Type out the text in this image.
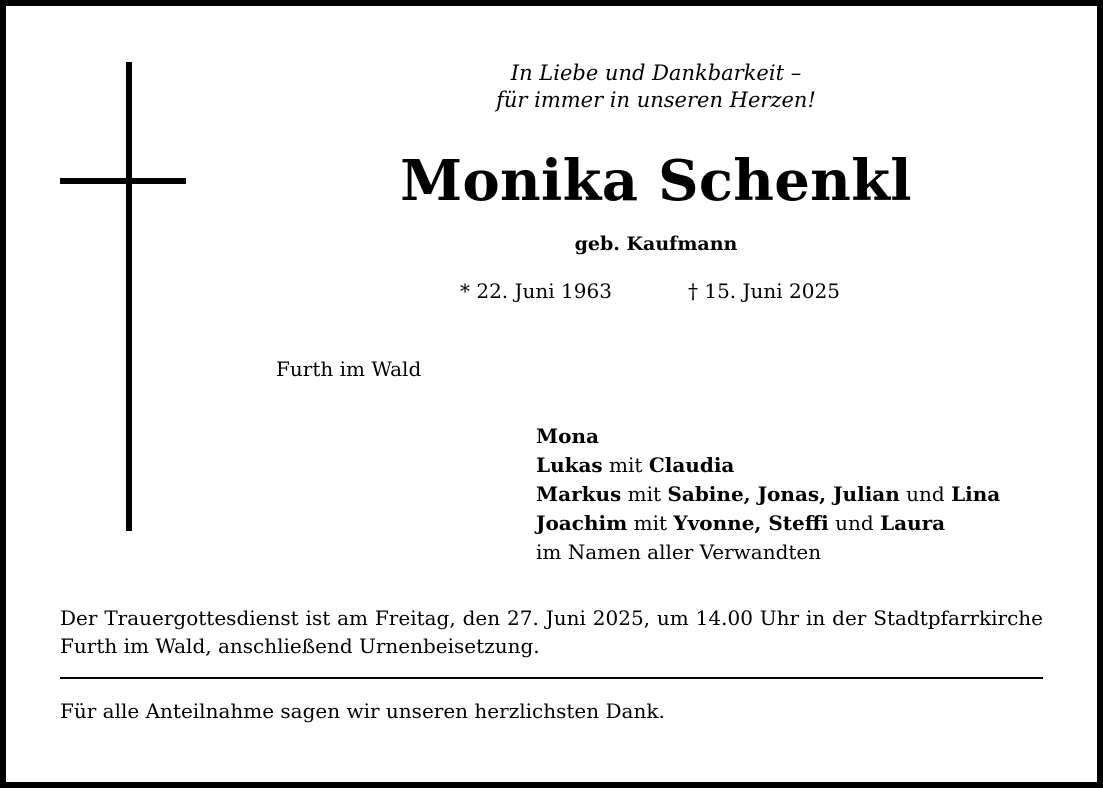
In Liebe und Dankbarkeit –
für immer in unseren Herzen!
Monika Schenkl
geb. Kaufmann
* 22. Juni 1963	† 15. Juni 2025
Furth im Wald
Mona
Lukas mit Claudia
Markus mit Sabine, Jonas, Julian und Lina
Joachim mit Yvonne, Steffi und Laura
im Namen aller Verwandten
Der Trauergottesdienst ist am Freitag, den 27. Juni 2025, um 14.00 Uhr in der Stadtpfarrkirche Furth im Wald, anschließend Urnenbeisetzung.
Für alle Anteilnahme sagen wir unseren herzlichsten Dank.
